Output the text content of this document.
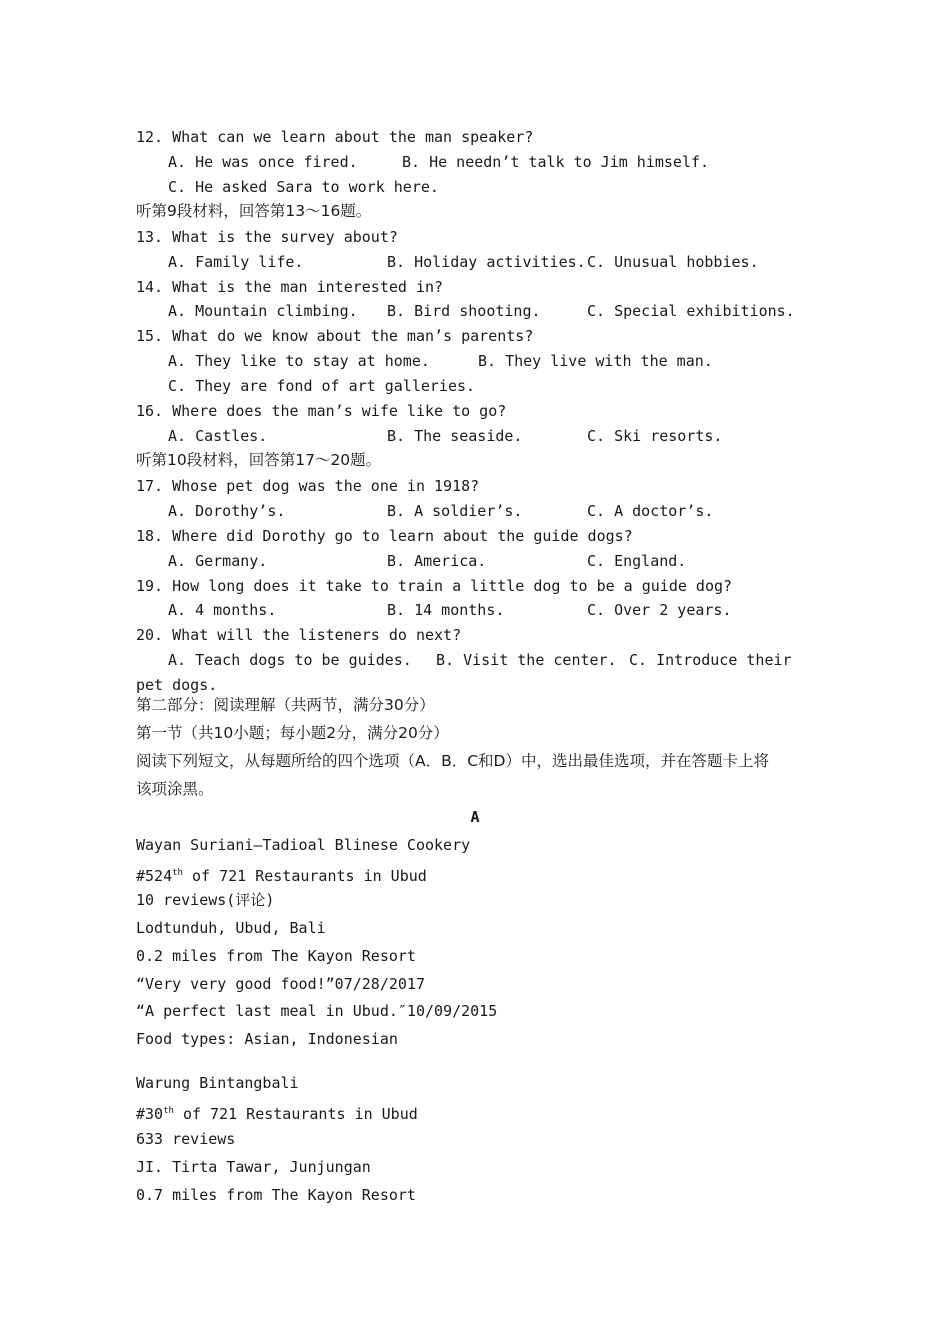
12. What can we learn about the man speaker?
A. He was once fired.	B. He needn’t talk to Jim himself.
C. He asked Sara to work here.
听第9段材料，回答第13～16题。
13. What is the survey about?
A. Family life.	B. Holiday activities. C. Unusual hobbies.
14. What is the man interested in?
A. Mountain climbing. B. Bird shooting.	C. Special exhibitions.
15. What do we know about the man’s parents?
A. They like to stay at home.	B. They live with the man.
C. They are fond of art galleries.
16. Where does the man’s wife like to go?
A. Castles.	B. The seaside.	C. Ski resorts.
听第10段材料，回答第17～20题。
17. Whose pet dog was the one in 1918?
A. Dorothy’s.	B. A soldier’s.	C. A doctor’s.
18. Where did Dorothy go to learn about the guide dogs?
A. Germany.	B. America.	C. England.
19. How long does it take to train a little dog to be a guide dog?
A. 4 months.	B. 14 months.	C. Over 2 years.
20. What will the listeners do next?
A. Teach dogs to be guides. B. Visit the center. C. Introduce their
pet dogs.
第二部分：阅读理解（共两节，满分30分）
第一节（共10小题；每小题2分，满分20分）
阅读下列短文，从每题所给的四个选项（A．B．C和D）中，选出最佳选项，并在答题卡上将
该项涂黑。
A
Wayan Suriani—Tadioal Blinese Cookery
#524th of 721 Restaurants in Ubud
10 reviews(评论)
Lodtunduh, Ubud, Bali
0.2 miles from The Kayon Resort
“Very very good food!”07/28/2017
“A perfect last meal in Ubud.″10/09/2015
Food types: Asian, Indonesian
Warung Bintangbali
#30th of 721 Restaurants in Ubud
633 reviews
JI. Tirta Tawar, Junjungan
0.7 miles from The Kayon Resort
